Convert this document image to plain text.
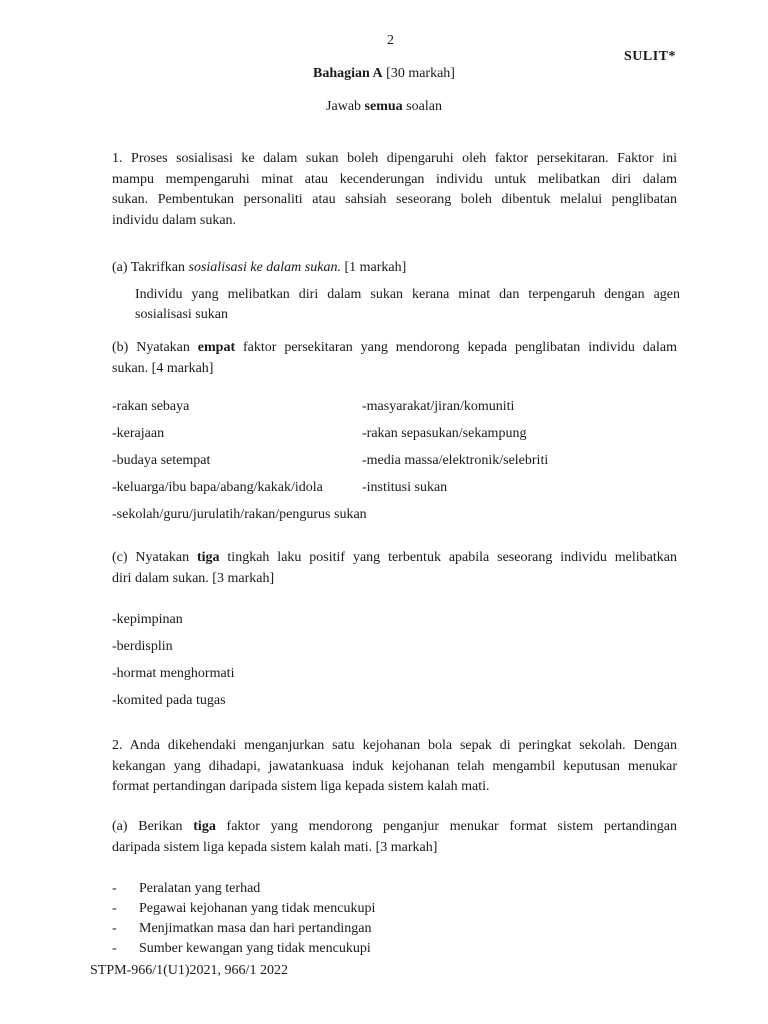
2
SULIT*
Bahagian A [30 markah]
Jawab semua soalan
1. Proses sosialisasi ke dalam sukan boleh dipengaruhi oleh faktor persekitaran. Faktor ini
mampu mempengaruhi minat atau kecenderungan individu untuk melibatkan diri dalam
sukan. Pembentukan personaliti atau sahsiah seseorang boleh dibentuk melalui penglibatan
individu dalam sukan.
(a) Takrifkan sosialisasi ke dalam sukan. [1 markah]
Individu yang melibatkan diri dalam sukan kerana minat dan terpengaruh dengan agen
sosialisasi sukan
(b) Nyatakan empat faktor persekitaran yang mendorong kepada penglibatan individu dalam
sukan. [4 markah]
-rakan sebaya	-masyarakat/jiran/komuniti
-kerajaan	-rakan sepasukan/sekampung
-budaya setempat	-media massa/elektronik/selebriti
-keluarga/ibu bapa/abang/kakak/idola	-institusi sukan
-sekolah/guru/jurulatih/rakan/pengurus sukan
(c) Nyatakan tiga tingkah laku positif yang terbentuk apabila seseorang individu melibatkan
diri dalam sukan. [3 markah]
-kepimpinan
-berdisplin
-hormat menghormati
-komited pada tugas
2. Anda dikehendaki menganjurkan satu kejohanan bola sepak di peringkat sekolah. Dengan
kekangan yang dihadapi, jawatankuasa induk kejohanan telah mengambil keputusan menukar
format pertandingan daripada sistem liga kepada sistem kalah mati.
(a) Berikan tiga faktor yang mendorong penganjur menukar format sistem pertandingan
daripada sistem liga kepada sistem kalah mati. [3 markah]
- Peralatan yang terhad
- Pegawai kejohanan yang tidak mencukupi
- Menjimatkan masa dan hari pertandingan
- Sumber kewangan yang tidak mencukupi
STPM-966/1(U1)2021, 966/1 2022
